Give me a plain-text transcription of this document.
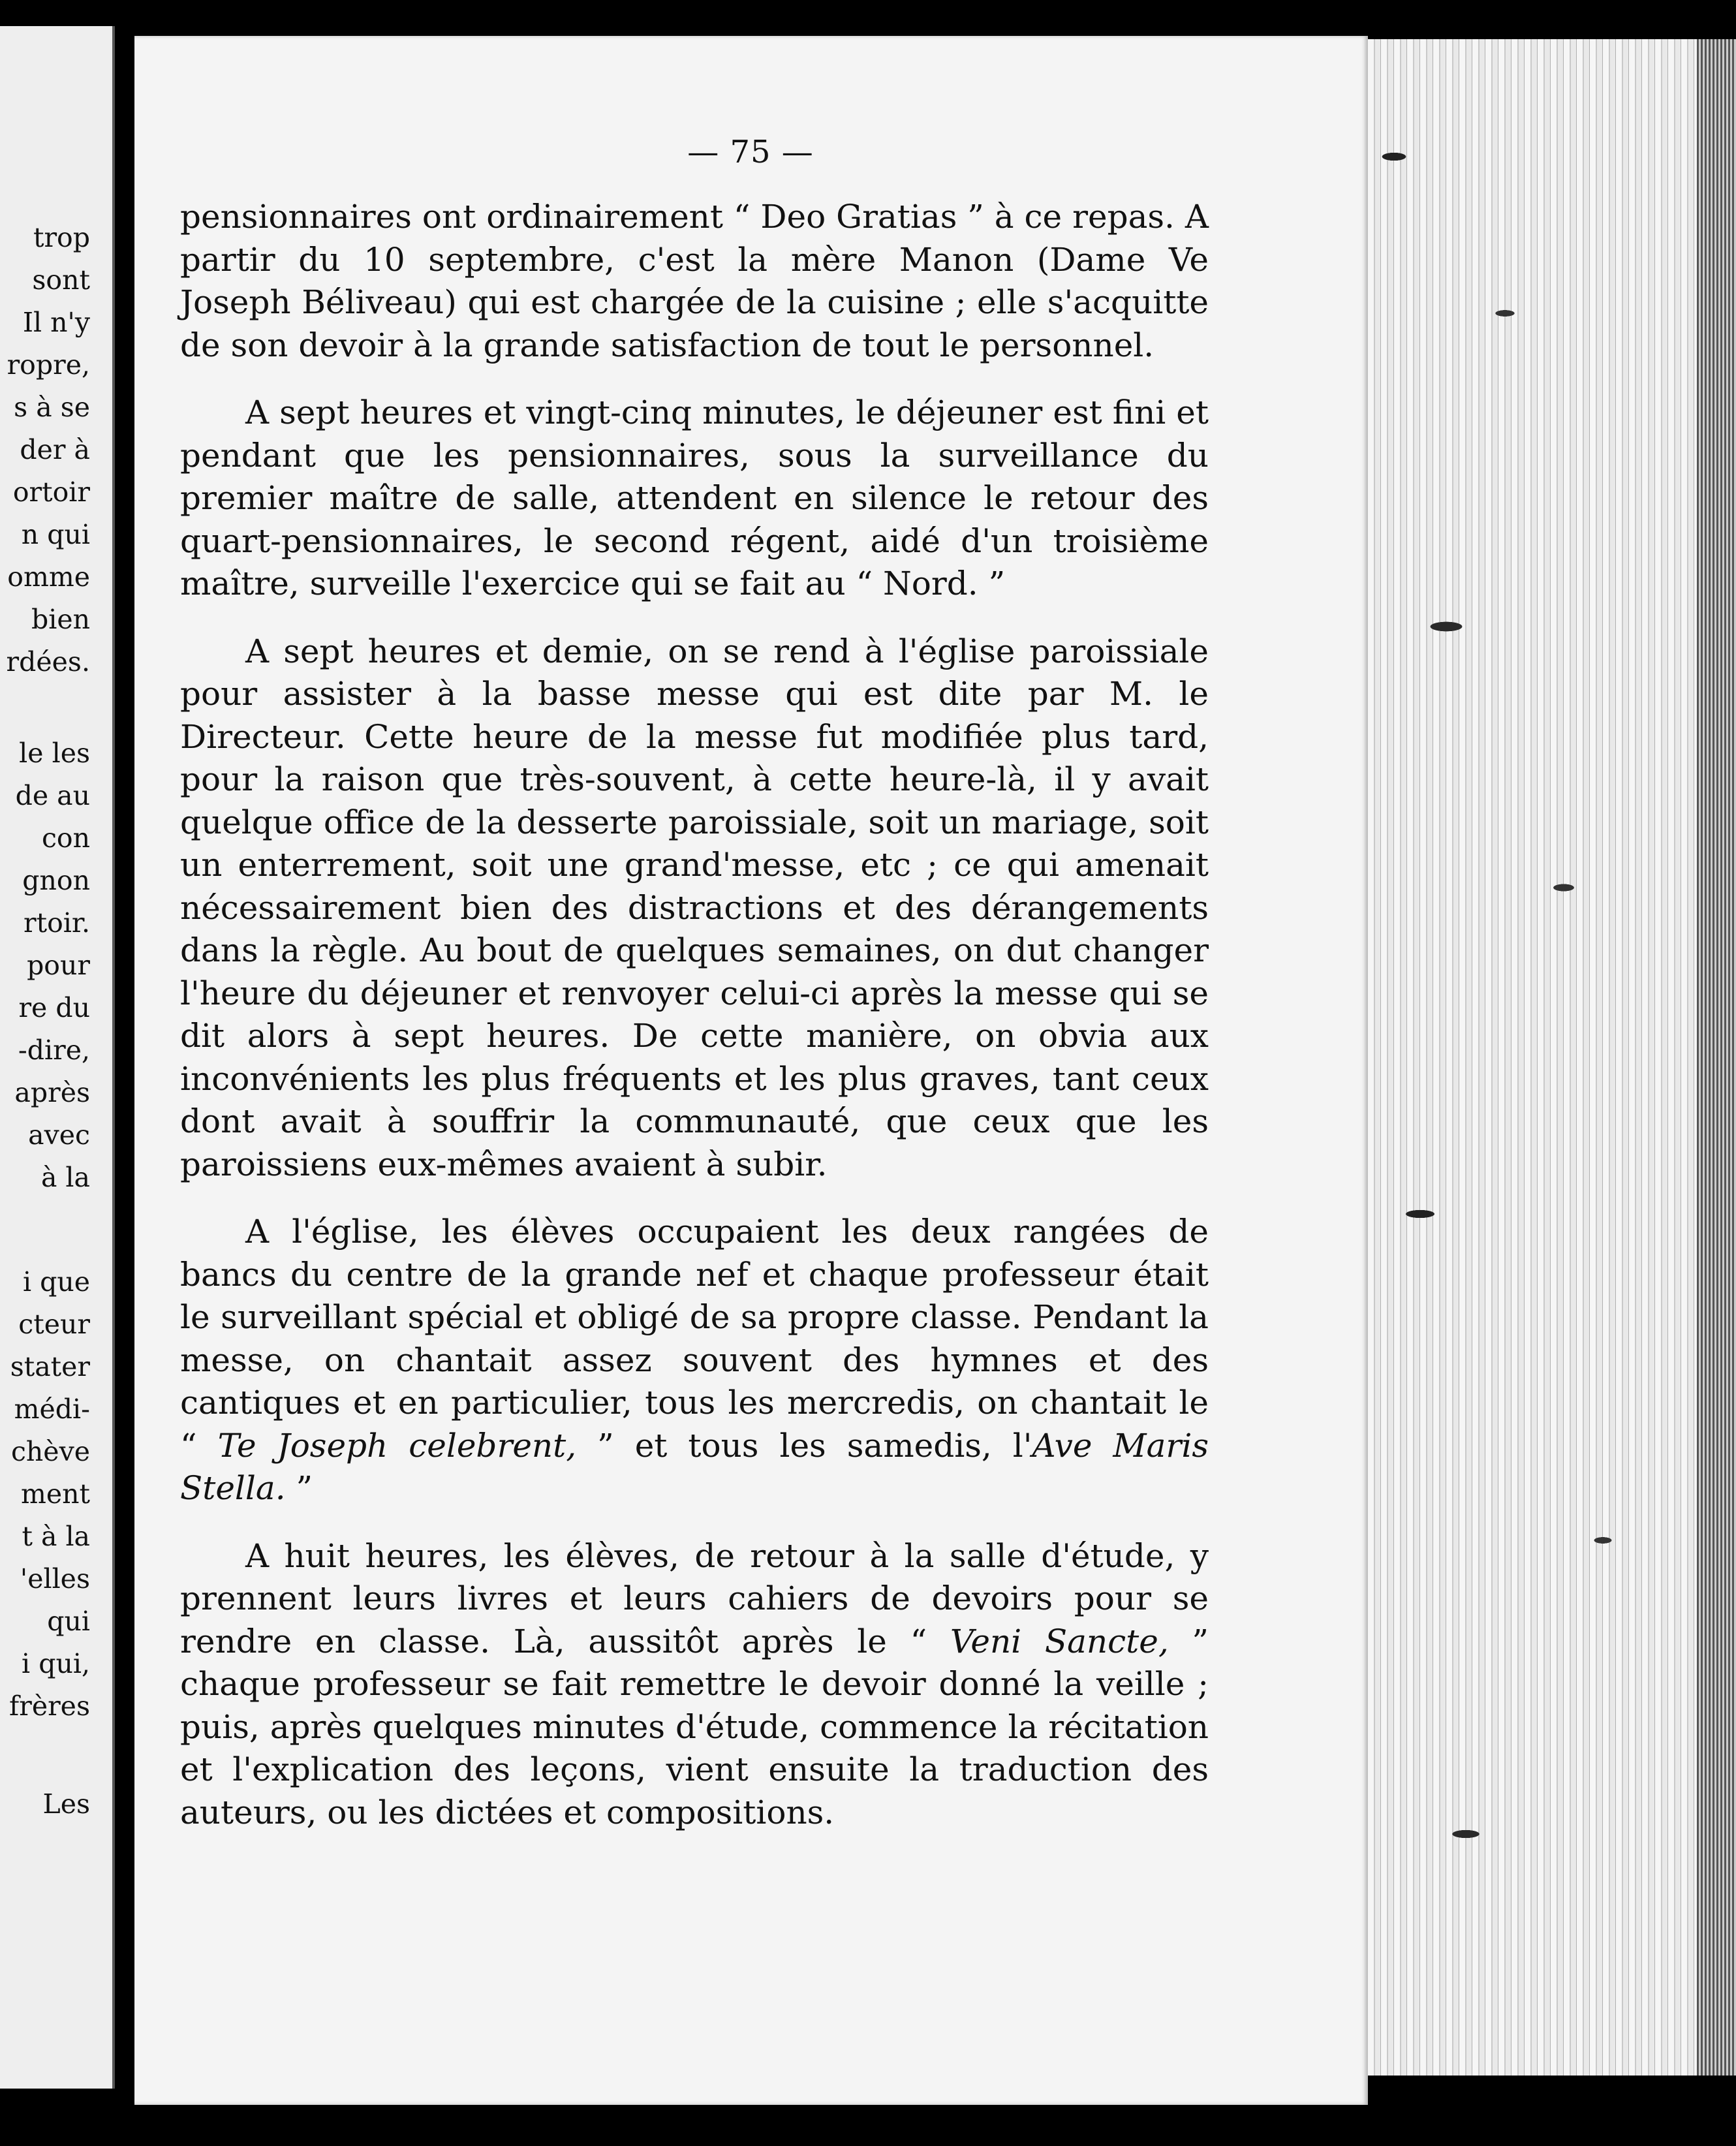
trop
sont
Il n'y
ropre,
s à se
der à
ortoir
n qui
omme
bien
rdées.
le les
de au
con
gnon
rtoir.
pour
re du
-dire,
après
avec
à la
i que
cteur
stater
médi-
chève
ment
t à la
'elles
qui
i qui,
frères
Les
— 75 —

pensionnaires ont ordinairement “ Deo Gratias ” à ce repas. A partir du 10 septembre, c'est la mère Manon (Dame Ve Joseph Béliveau) qui est chargée de la cuisine ; elle s'acquitte de son devoir à la grande satisfaction de tout le personnel.

A sept heures et vingt-cinq minutes, le déjeuner est fini et pendant que les pensionnaires, sous la surveillance du premier maître de salle, attendent en silence le retour des quart-pensionnaires, le second régent, aidé d'un troisième maître, surveille l'exercice qui se fait au “ Nord. ”

A sept heures et demie, on se rend à l'église paroissiale pour assister à la basse messe qui est dite par M. le Directeur. Cette heure de la messe fut modifiée plus tard, pour la raison que très-souvent, à cette heure-là, il y avait quelque office de la desserte paroissiale, soit un mariage, soit un enterrement, soit une grand'messe, etc ; ce qui amenait nécessairement bien des distractions et des dérangements dans la règle. Au bout de quelques semaines, on dut changer l'heure du déjeuner et renvoyer celui-ci après la messe qui se dit alors à sept heures. De cette manière, on obvia aux inconvénients les plus fréquents et les plus graves, tant ceux dont avait à souffrir la communauté, que ceux que les paroissiens eux-mêmes avaient à subir.

A l'église, les élèves occupaient les deux rangées de bancs du centre de la grande nef et chaque professeur était le surveillant spécial et obligé de sa propre classe. Pendant la messe, on chantait assez souvent des hymnes et des cantiques et en particulier, tous les mercredis, on chantait le “ Te Joseph celebrent, ” et tous les samedis, l'Ave Maris Stella. ”

A huit heures, les élèves, de retour à la salle d'étude, y prennent leurs livres et leurs cahiers de devoirs pour se rendre en classe. Là, aussitôt après le “ Veni Sancte, ” chaque professeur se fait remettre le devoir donné la veille ; puis, après quelques minutes d'étude, commence la récitation et l'explication des leçons, vient ensuite la traduction des auteurs, ou les dictées et compositions.
